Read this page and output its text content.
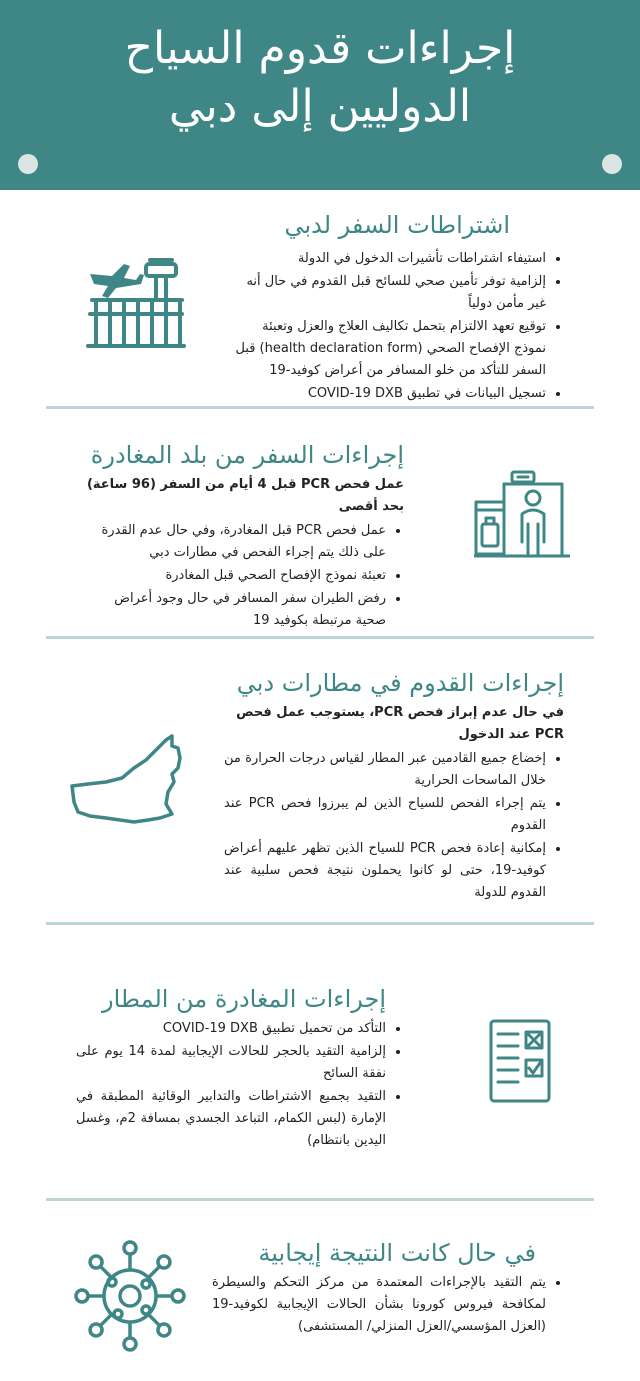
إجراءات قدوم السياح
الدوليين إلى دبي
اشتراطات السفر لدبي
• استيفاء اشتراطات تأشيرات الدخول في الدولة
• إلزامية توفر تأمين صحي للسائح قبل القدوم في حال أنه غير مأمن دولياً
• توقيع تعهد الالتزام بتحمل تكاليف العلاج والعزل وتعبئة نموذج الإفصاح الصحي (health declaration form) قبل السفر للتأكد من خلو المسافر من أعراض كوفيد-19
• تسجيل البيانات في تطبيق COVID-19 DXB
إجراءات السفر من بلد المغادرة

عمل فحص PCR قبل 4 أيام من السفر (96 ساعة) بحد أقصى

• عمل فحص PCR قبل المغادرة، وفي حال عدم القدرة على ذلك يتم إجراء الفحص في مطارات دبي
• تعبئة نموذج الإفصاح الصحي قبل المغادرة
• رفض الطيران سفر المسافر في حال وجود أعراض صحية مرتبطة بكوفيد 19
إجراءات القدوم في مطارات دبي

في حال عدم إبراز فحص PCR، يستوجب عمل فحص PCR عند الدخول

• إخضاع جميع القادمين عبر المطار لقياس درجات الحرارة من خلال الماسحات الحرارية
• يتم إجراء الفحص للسياح الذين لم يبرزوا فحص PCR عند القدوم
• إمكانية إعادة فحص PCR للسياح الذين تظهر عليهم أعراض كوفيد-19، حتى لو كانوا يحملون نتيجة فحص سلبية عند القدوم للدولة
إجراءات المغادرة من المطار
• التأكد من تحميل تطبيق COVID-19 DXB
• إلزامية التقيد بالحجر للحالات الإيجابية لمدة 14 يوم على نفقة السائح
• التقيد بجميع الاشتراطات والتدابير الوقائية المطبقة في الإمارة (لبس الكمام، التباعد الجسدي بمسافة 2م، وغسل اليدين بانتظام)
في حال كانت النتيجة إيجابية
• يتم التقيد بالإجراءات المعتمدة من مركز التحكم والسيطرة لمكافحة فيروس كورونا بشأن الحالات الإيجابية لكوفيد-19 (العزل المؤسسي/العزل المنزلي/ المستشفى)
